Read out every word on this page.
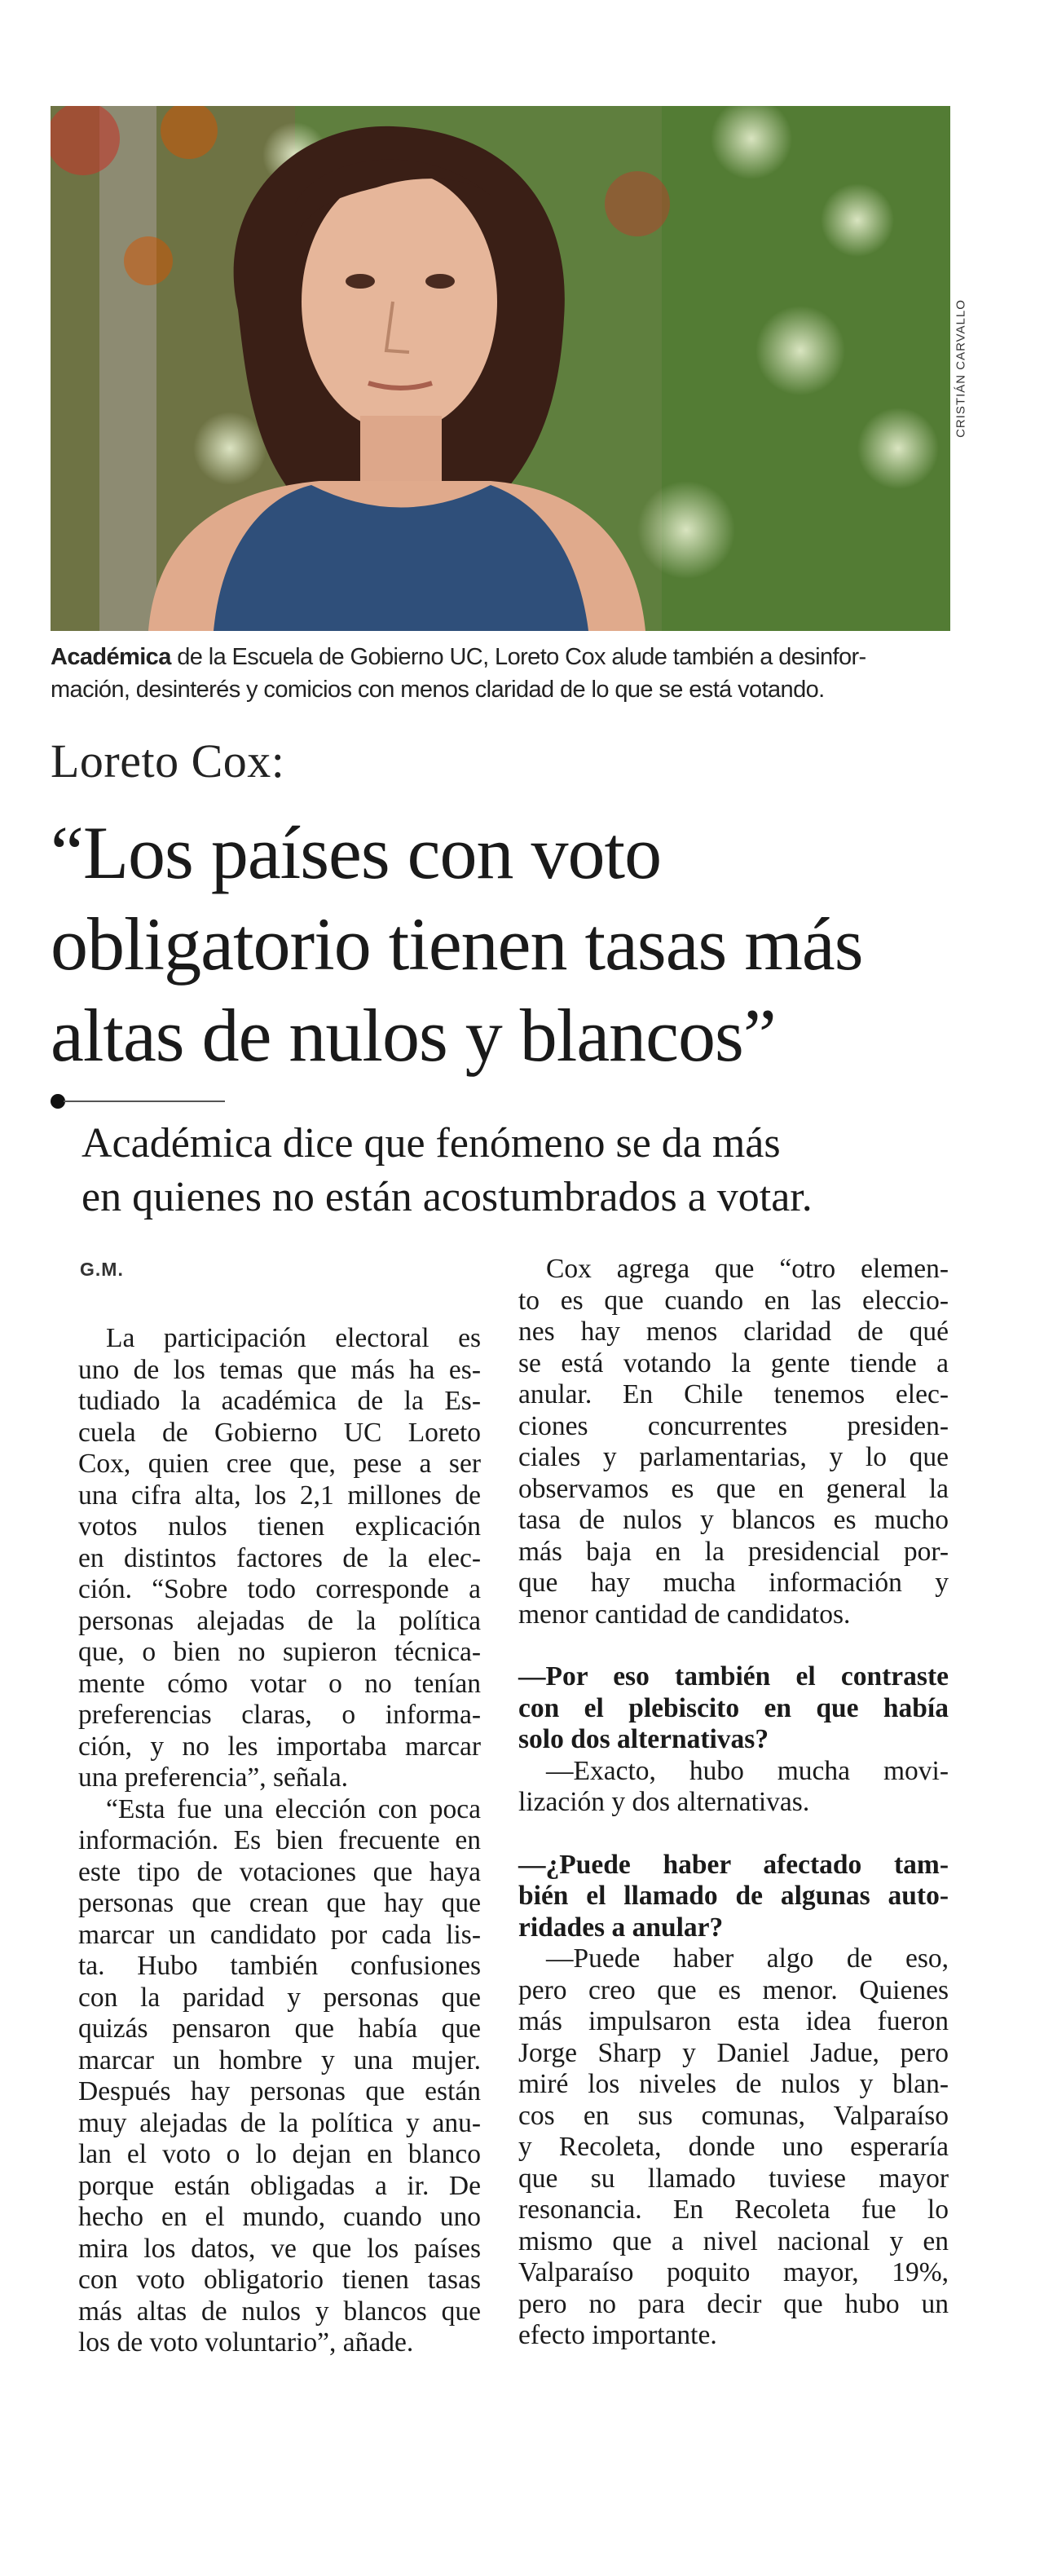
CRISTIÁN CARVALLO
Académica de la Escuela de Gobierno UC, Loreto Cox alude también a desinfor-
mación, desinterés y comicios con menos claridad de lo que se está votando.
Loreto Cox:
“Los países con voto
obligatorio tienen tasas más
altas de nulos y blancos”
Académica dice que fenómeno se da más
en quienes no están acostumbrados a votar.
G.M.
La participación electoral es
uno de los temas que más ha es-
tudiado la académica de la Es-
cuela de Gobierno UC Loreto
Cox, quien cree que, pese a ser
una cifra alta, los 2,1 millones de
votos nulos tienen explicación
en distintos factores de la elec-
ción. “Sobre todo corresponde a
personas alejadas de la política
que, o bien no supieron técnica-
mente cómo votar o no tenían
preferencias claras, o informa-
ción, y no les importaba marcar
una preferencia”, señala.
“Esta fue una elección con poca
información. Es bien frecuente en
este tipo de votaciones que haya
personas que crean que hay que
marcar un candidato por cada lis-
ta. Hubo también confusiones
con la paridad y personas que
quizás pensaron que había que
marcar un hombre y una mujer.
Después hay personas que están
muy alejadas de la política y anu-
lan el voto o lo dejan en blanco
porque están obligadas a ir. De
hecho en el mundo, cuando uno
mira los datos, ve que los países
con voto obligatorio tienen tasas
más altas de nulos y blancos que
los de voto voluntario”, añade.
Cox agrega que “otro elemen-
to es que cuando en las eleccio-
nes hay menos claridad de qué
se está votando la gente tiende a
anular. En Chile tenemos elec-
ciones concurrentes presiden-
ciales y parlamentarias, y lo que
observamos es que en general la
tasa de nulos y blancos es mucho
más baja en la presidencial por-
que hay mucha información y
menor cantidad de candidatos.
—Por eso también el contraste
con el plebiscito en que había
solo dos alternativas?
—Exacto, hubo mucha movi-
lización y dos alternativas.
—¿Puede haber afectado tam-
bién el llamado de algunas auto-
ridades a anular?
—Puede haber algo de eso,
pero creo que es menor. Quienes
más impulsaron esta idea fueron
Jorge Sharp y Daniel Jadue, pero
miré los niveles de nulos y blan-
cos en sus comunas, Valparaíso
y Recoleta, donde uno esperaría
que su llamado tuviese mayor
resonancia. En Recoleta fue lo
mismo que a nivel nacional y en
Valparaíso poquito mayor, 19%,
pero no para decir que hubo un
efecto importante.
